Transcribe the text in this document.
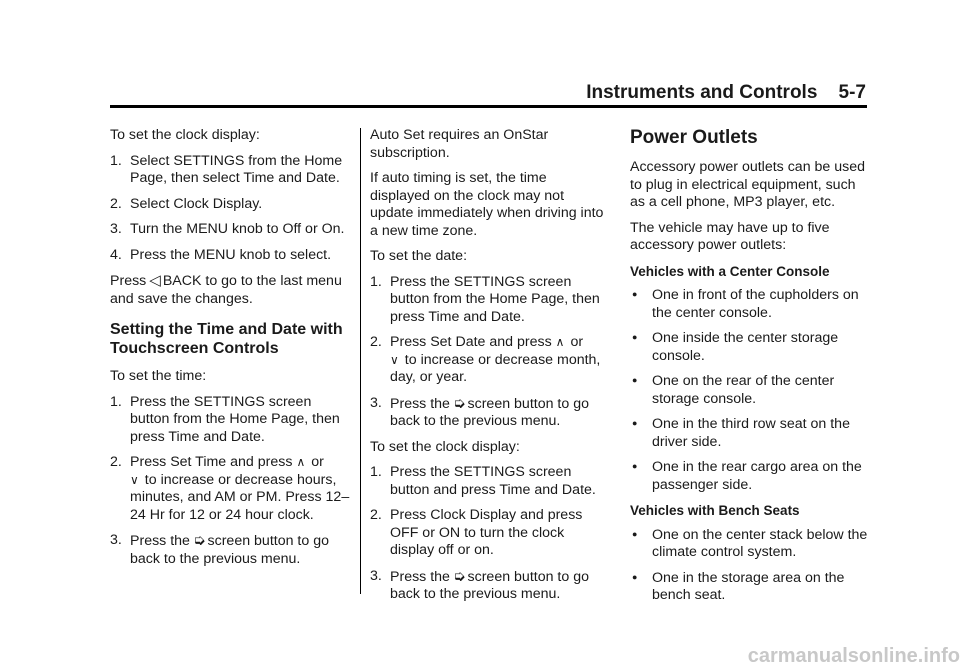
Instruments and Controls 5-7

To set the clock display:

1. Select SETTINGS from the Home Page, then select Time and Date.
2. Select Clock Display.
3. Turn the MENU knob to Off or On.
4. Press the MENU knob to select.

Press ◁ BACK to go to the last menu and save the changes.

Setting the Time and Date with Touchscreen Controls

To set the time:

1. Press the SETTINGS screen button from the Home Page, then press Time and Date.
2. Press Set Time and press ∧ or
∨ to increase or decrease hours, minutes, and AM or PM. Press 12–24 Hr for 12 or 24 hour clock.
3. Press the ➭ screen button to go back to the previous menu.

Auto Set requires an OnStar subscription.

If auto timing is set, the time displayed on the clock may not update immediately when driving into a new time zone.

To set the date:

1. Press the SETTINGS screen button from the Home Page, then press Time and Date.
2. Press Set Date and press ∧ or
∨ to increase or decrease month, day, or year.
3. Press the ➭ screen button to go back to the previous menu.

To set the clock display:

1. Press the SETTINGS screen button and press Time and Date.
2. Press Clock Display and press OFF or ON to turn the clock display off or on.
3. Press the ➭ screen button to go back to the previous menu.
Power Outlets

Accessory power outlets can be used to plug in electrical equipment, such as a cell phone, MP3 player, etc.

The vehicle may have up to five accessory power outlets:

Vehicles with a Center Console
●	One in front of the cupholders on the center console.
●	One inside the center storage console.
●	One on the rear of the center storage console.
●	One in the third row seat on the driver side.
●	One in the rear cargo area on the passenger side.
Vehicles with Bench Seats
●	One on the center stack below the climate control system.
●	One in the storage area on the bench seat.
carmanualsonline.info
